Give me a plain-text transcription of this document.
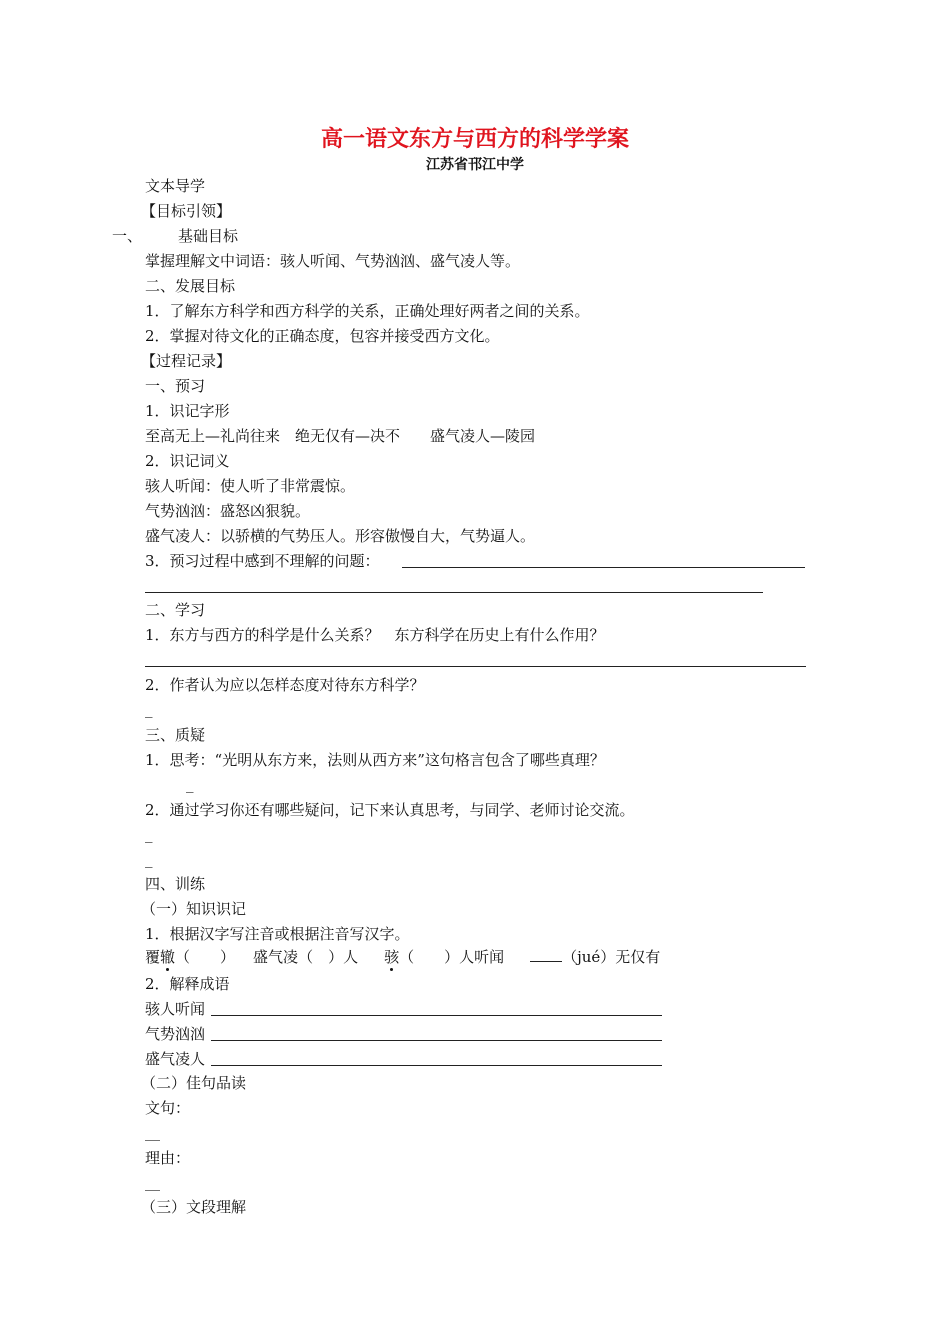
高一语文东方与西方的科学学案
江苏省邗江中学
文本导学
【目标引领】
一、 基础目标
掌握理解文中词语：骇人听闻、气势汹汹、盛气凌人等。
二、发展目标
1．了解东方科学和西方科学的关系，正确处理好两者之间的关系。
2．掌握对待文化的正确态度，包容并接受西方文化。
【过程记录】
一、预习
1．识记字形
至高无上—礼尚往来　绝无仅有—决不　　盛气凌人—陵园
2．识记词义
骇人听闻：使人听了非常震惊。
气势汹汹：盛怒凶狠貌。
盛气凌人：以骄横的气势压人。形容傲慢自大，气势逼人。
3．预习过程中感到不理解的问题：
二、学习
1．东方与西方的科学是什么关系？　东方科学在历史上有什么作用？
2．作者认为应以怎样态度对待东方科学？
_
三、质疑
1．思考：“光明从东方来，法则从西方来”这句格言包含了哪些真理？
_
2．通过学习你还有哪些疑问，记下来认真思考，与同学、老师讨论交流。
_
_
四、训练
（一）知识识记
1．根据汉字写注音或根据注音写汉字。
覆辙（　　） 盛气凌（　）人 骇（　　）人听闻	（jué）无仅有
2．解释成语
骇人听闻
气势汹汹
盛气凌人
（二）佳句品读
文句：
__
理由：
__
（三）文段理解
